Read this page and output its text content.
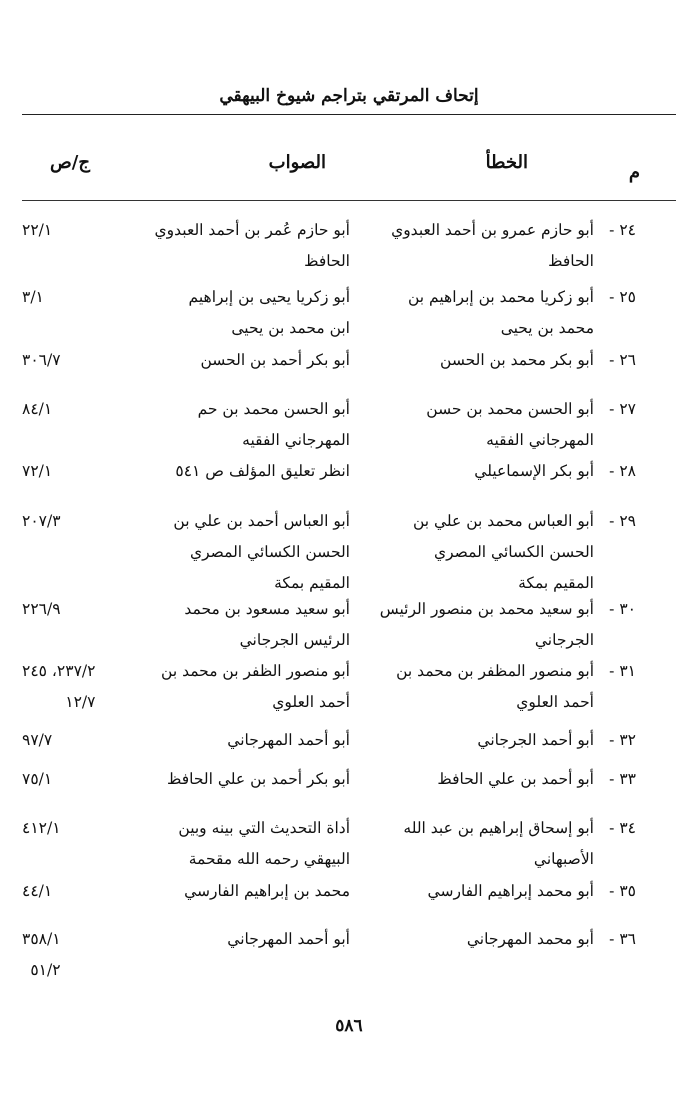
إتحاف المرتقي بتراجم شيوخ البيهقي
م
الخطأ
الصواب
ج/ص
٢٤ -
أبو حازم عمرو بن أحمد العبدوي
الحافظ
أبو حازم عُمر بن أحمد العبدوي
الحافظ
٢٢/١
٢٥ -
أبو زكريا محمد بن إبراهيم بن
محمد بن يحيى
أبو زكريا يحيى بن إبراهيم
ابن محمد بن يحيى
٣/١
٢٦ -
أبو بكر محمد بن الحسن
أبو بكر أحمد بن الحسن
٣٠٦/٧
٢٧ -
أبو الحسن محمد بن حسن
المهرجاني الفقيه
أبو الحسن محمد بن حم
المهرجاني الفقيه
٨٤/١
٢٨ -
أبو بكر الإسماعيلي
انظر تعليق المؤلف ص ٥٤١
٧٢/١
٢٩ -
أبو العباس محمد بن علي بن
الحسن الكسائي المصري
المقيم بمكة
أبو العباس أحمد بن علي بن
الحسن الكسائي المصري
المقيم بمكة
٢٠٧/٣
٣٠ -
أبو سعيد محمد بن منصور الرئيس
الجرجاني
أبو سعيد مسعود بن محمد
الرئيس الجرجاني
٢٢٦/٩
٣١ -
أبو منصور المظفر بن محمد بن
أحمد العلوي
أبو منصور الظفر بن محمد بن
أحمد العلوي
٢٣٧/٢، ٢٤٥
١٢/٧
٣٢ -
أبو أحمد الجرجاني
أبو أحمد المهرجاني
٩٧/٧
٣٣ -
أبو أحمد بن علي الحافظ
أبو بكر أحمد بن علي الحافظ
٧٥/١
٣٤ -
أبو إسحاق إبراهيم بن عبد الله
الأصبهاني
أداة التحديث التي بينه وبين
البيهقي رحمه الله مقحمة
٤١٢/١
٣٥ -
أبو محمد إبراهيم الفارسي
محمد بن إبراهيم الفارسي
٤٤/١
٣٦ -
أبو محمد المهرجاني
أبو أحمد المهرجاني
٣٥٨/١
٥١/٢
٥٨٦
